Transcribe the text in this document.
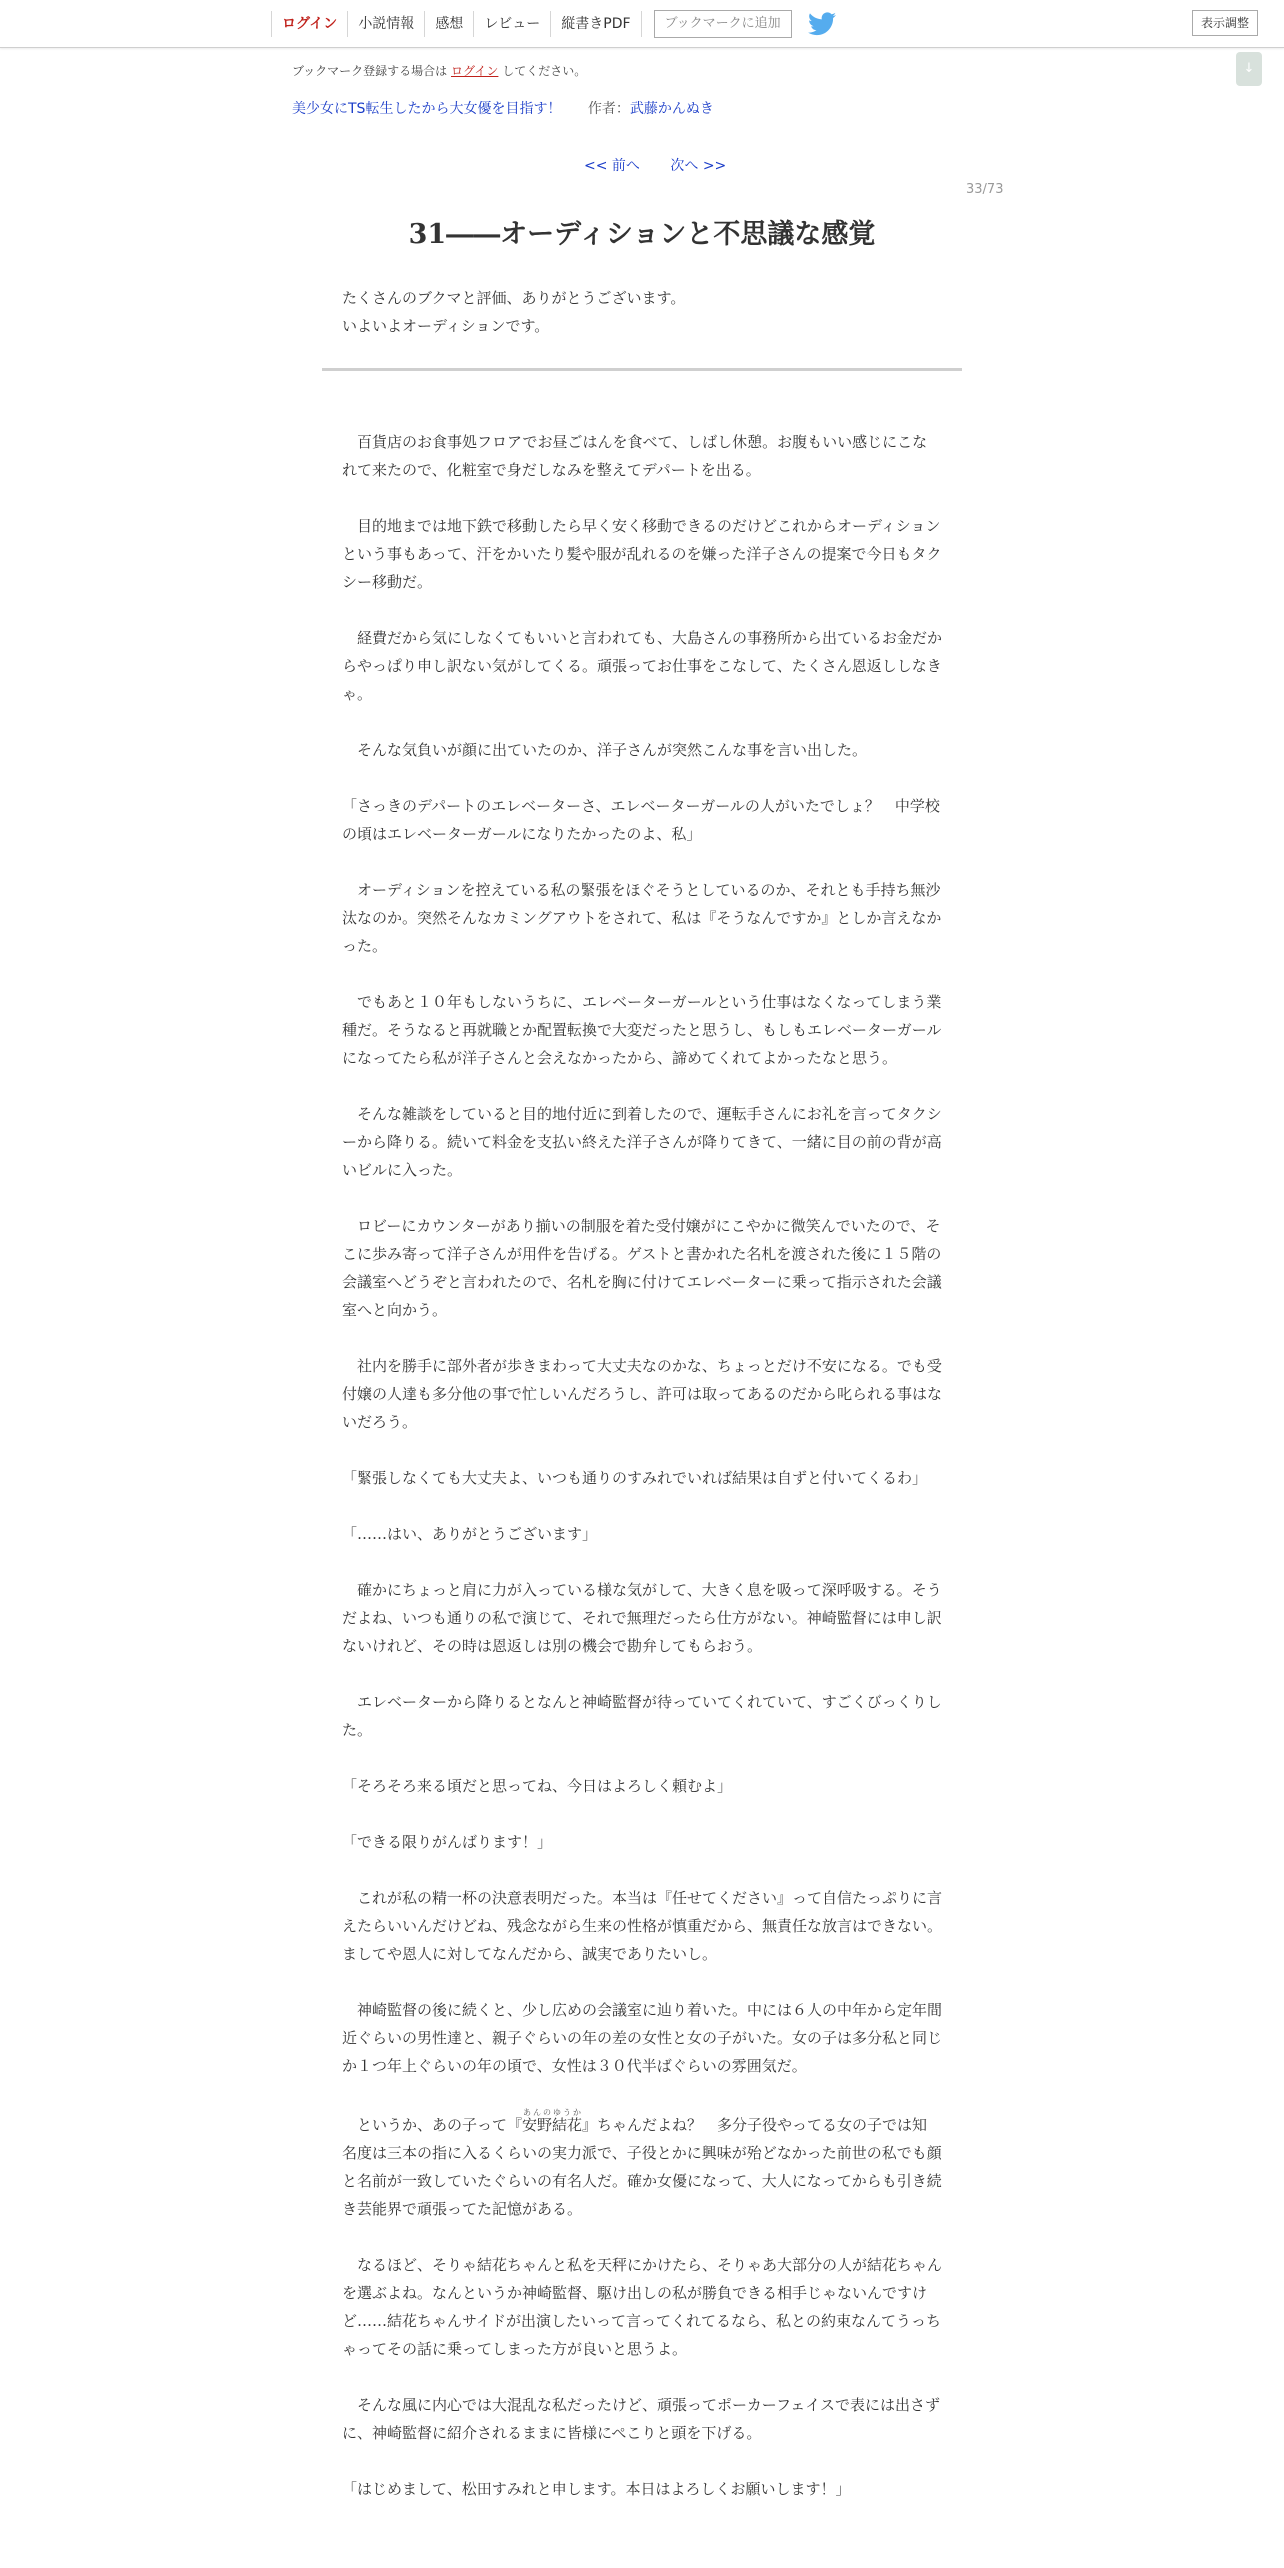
ログイン	小説情報	感想	レビュー	縦書きPDF	ブックマークに追加	表示調整
↓
ブックマーク登録する場合は ログイン してください。
美少女にTS転生したから大女優を目指す！ 作者：武藤かんぬき
<< 前へ 次へ >>
33/73
31――オーディションと不思議な感覚
たくさんのブクマと評価、ありがとうございます。
いよいよオーディションです。

　百貨店のお食事処フロアでお昼ごはんを食べて、しばし休憩。お腹もいい感じにこなれて来たので、化粧室で身だしなみを整えてデパートを出る。

　目的地までは地下鉄で移動したら早く安く移動できるのだけどこれからオーディションという事もあって、汗をかいたり髪や服が乱れるのを嫌った洋子さんの提案で今日もタクシー移動だ。

　経費だから気にしなくてもいいと言われても、大島さんの事務所から出ているお金だからやっぱり申し訳ない気がしてくる。頑張ってお仕事をこなして、たくさん恩返ししなきゃ。

　そんな気負いが顔に出ていたのか、洋子さんが突然こんな事を言い出した。

「さっきのデパートのエレベーターさ、エレベーターガールの人がいたでしょ？　中学校の頃はエレベーターガールになりたかったのよ、私」

　オーディションを控えている私の緊張をほぐそうとしているのか、それとも手持ち無沙汰なのか。突然そんなカミングアウトをされて、私は『そうなんですか』としか言えなかった。

　でもあと１０年もしないうちに、エレベーターガールという仕事はなくなってしまう業種だ。そうなると再就職とか配置転換で大変だったと思うし、もしもエレベーターガールになってたら私が洋子さんと会えなかったから、諦めてくれてよかったなと思う。

　そんな雑談をしていると目的地付近に到着したので、運転手さんにお礼を言ってタクシーから降りる。続いて料金を支払い終えた洋子さんが降りてきて、一緒に目の前の背が高いビルに入った。

　ロビーにカウンターがあり揃いの制服を着た受付嬢がにこやかに微笑んでいたので、そこに歩み寄って洋子さんが用件を告げる。ゲストと書かれた名札を渡された後に１５階の会議室へどうぞと言われたので、名札を胸に付けてエレベーターに乗って指示された会議室へと向かう。

　社内を勝手に部外者が歩きまわって大丈夫なのかな、ちょっとだけ不安になる。でも受付嬢の人達も多分他の事で忙しいんだろうし、許可は取ってあるのだから叱られる事はないだろう。

「緊張しなくても大丈夫よ、いつも通りのすみれでいれば結果は自ずと付いてくるわ」

「……はい、ありがとうございます」

　確かにちょっと肩に力が入っている様な気がして、大きく息を吸って深呼吸する。そうだよね、いつも通りの私で演じて、それで無理だったら仕方がない。神崎監督には申し訳ないけれど、その時は恩返しは別の機会で勘弁してもらおう。

　エレベーターから降りるとなんと神崎監督が待っていてくれていて、すごくびっくりした。

「そろそろ来る頃だと思ってね、今日はよろしく頼むよ」

「できる限りがんばります！」

　これが私の精一杯の決意表明だった。本当は『任せてください』って自信たっぷりに言えたらいいんだけどね、残念ながら生来の性格が慎重だから、無責任な放言はできない。ましてや恩人に対してなんだから、誠実でありたいし。

　神崎監督の後に続くと、少し広めの会議室に辿り着いた。中には６人の中年から定年間近ぐらいの男性達と、親子ぐらいの年の差の女性と女の子がいた。女の子は多分私と同じか１つ年上ぐらいの年の頃で、女性は３０代半ばぐらいの雰囲気だ。

　というか、あの子って『安野結花あんのゆうか』ちゃんだよね？　多分子役やってる女の子では知名度は三本の指に入るくらいの実力派で、子役とかに興味が殆どなかった前世の私でも顔と名前が一致していたぐらいの有名人だ。確か女優になって、大人になってからも引き続き芸能界で頑張ってた記憶がある。

　なるほど、そりゃ結花ちゃんと私を天秤にかけたら、そりゃあ大部分の人が結花ちゃんを選ぶよね。なんというか神崎監督、駆け出しの私が勝負できる相手じゃないんですけど……結花ちゃんサイドが出演したいって言ってくれてるなら、私との約束なんてうっちゃってその話に乗ってしまった方が良いと思うよ。

　そんな風に内心では大混乱な私だったけど、頑張ってポーカーフェイスで表には出さずに、神崎監督に紹介されるままに皆様にぺこりと頭を下げる。

「はじめまして、松田すみれと申します。本日はよろしくお願いします！」
